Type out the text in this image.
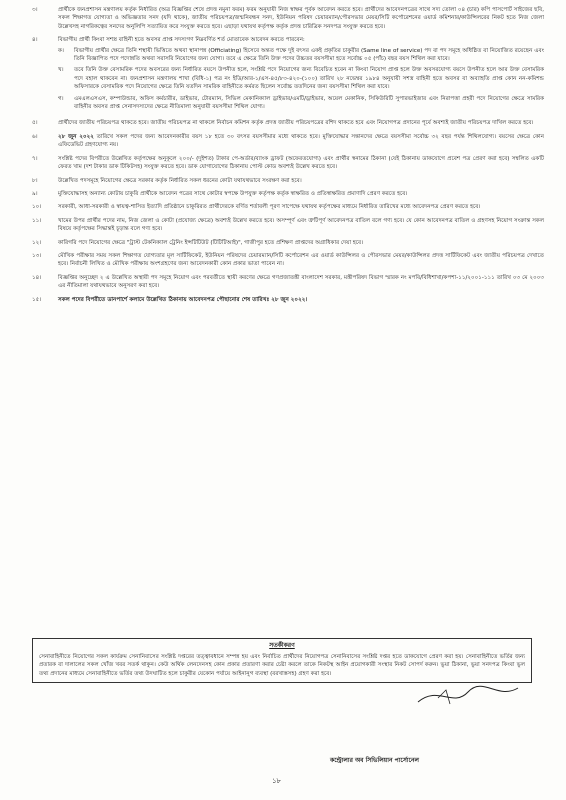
৩।	প্রার্থীকে জনপ্রশাসন মন্ত্রণালয় কর্তৃক নির্ধারিত (অত্র বিজ্ঞপ্তির শেষে প্রদত্ত নমুনা ফরম) ফরম অনুযায়ী নিজ স্বাক্ষর পূর্বক আবেদন করতে হবে। প্রার্থীদের আবেদনপত্রের সাথে সদ্য তোলা ০৪ (চার) কপি পাসপোর্ট সাইজের ছবি, সকল শিক্ষাগত যোগ্যতা ও অভিজ্ঞতার সনদ (যদি থাকে), জাতীয় পরিচয়পত্র/জন্মনিবন্ধন সনদ, ইউনিয়ন পরিষদ চেয়ারম্যান/পৌরসভার মেয়র/সিটি কর্পোরেশনের ওয়ার্ড কমিশনার/কাউন্সিলরের নিকট হতে নিজ জেলা উল্লেখসহ নাগরিকত্বের সনদের অনুলিপি সত্যায়িত করে সংযুক্ত করতে হবে। এছাড়া যথাযথ কর্তৃপক্ষ কর্তৃক প্রদত্ত চারিত্রিক সনদপত্র সংযুক্ত করতে হবে।
৪।	বিভাগীয় প্রার্থী কিংবা সশস্ত্র বাহিনী হতে অবসর প্রাপ্ত সদস্যগণ নিম্নবর্ণিত শর্ত মোতাবেক আবেদন করতে পারবেন:
ক।	বিভাগীয় প্রার্থীর ক্ষেত্রে তিনি শস্থায়ী ভিত্তিতে অথবা স্থানাপন্ন (Officiating) হিসেবে অন্তত পক্ষে দুই বৎসর একই প্রকৃতির চাকুরীর (Same line of service) পদ বা পদ সমূহে অধিষ্ঠিত বা নিয়োজিত রয়েছেন এবং তিনি বিজ্ঞাপিত পদে পদোন্নতি অথবা সরাসরি নিয়োগের জন্য যোগ্য। তবে এ ক্ষেত্রে তিনি উক্ত পদের উচ্চতর বয়সসীমা হতে সর্বোচ্চ ০৫ (পাঁচ) বছর বয়স শিথিল করা যাবে।
খ।	তবে তিনি উক্ত বেসামরিক পদের অবসরের জন্য নির্ধারিত বয়সে উপনীত হলে, সংশ্লিষ্ট পদে নিয়োগের জন্য বিবেচিত হবেন না কিংবা নিয়োগ প্রাপ্ত হলে উক্ত অবসরযোগ্য বয়সে উপনীত হলে আর উক্ত বেসামরিক পদে বহাল থাকবেন না। জনপ্রশাসন মন্ত্রণালয় শাখা (বিধি-১) পত্র নং ইডি/আর-১/এস-৪৫/৮৩-৪২০-(১০০) তারিখ ২৮ নভেম্বর ১৯৮৪ অনুযায়ী সশস্ত্র বাহিনী হতে অবসর বা অব্যাহতি প্রাপ্ত কোন নন-কমিশন্ড অফিসারকে বেসামরিক পদে নিয়োগের ক্ষেত্রে তিনি যতদিন সামরিক বাহিনীতে কর্মরত ছিলেন সর্বোচ্চ ততদিনের জন্য বয়সসীমা শিথিল করা যাবে।
গ।	এমএলএসএস, কম্পাউন্ডার, অফিস কর্মচারীর, ডাইভার, টোরম্যান, সিভিল মেকানিক্যাল ড্রাইভার/এমটি/ড্রাইভার, অয়েল মেকানিক, সিকিউরিটি সুপারভাইজার এবং নিরাপত্তা প্রহরী পদে নিয়োগের ক্ষেত্রে সামরিক বাহিনীর অবসর প্রাপ্ত সেনাসদস্যদের ক্ষেত্রে নীতিমালা অনুযায়ী বয়সসীমা শিথিল যোগ্য।
৫।	প্রার্থীদের জাতীয় পরিচয়পত্র থাকতে হবে। জাতীয় পরিচয়পত্র না থাকলে নির্বাচন কমিশন কর্তৃক প্রদত্ত জাতীয় পরিচয়পত্রের রশিদ থাকতে হবে এবং নিয়োগপত্র প্রদানের পূর্বে অবশ্যই জাতীয় পরিচয়পত্র দাখিল করতে হবে।
৬।	২৮ জুন ২০২২ তারিখে সকল পদের জন্য আবেদনকারীর বয়স ১৮ হতে ৩০ বৎসর বয়সসীমার মধ্যে থাকতে হবে। মুক্তিযোদ্ধার সন্তানদের ক্ষেত্রে বয়সসীমা সর্বোচ্চ ৩২ বছর পর্যন্ত শিথিলযোগ্য। বয়সের ক্ষেত্রে কোন এফিডেভিট গ্রহণযোগ্য নয়।
৭।	সংশ্লিষ্ট পদের বিপরীতে উল্লেখিত কর্তৃপক্ষের অনুকূলে ২০০/- (দুইশত) টাকার পে-অর্ডার/ব্যাংক ড্রাফট (অফেরতযোগ্য) এবং প্রার্থীর স্বনামের ঠিকানা (যেই ঠিকানায় ডাকযোগে প্রবেশ পত্র প্রেরণ করা হবে) সম্বলিত একটি ফেরত খাম (দশ টাকার ডাক টিকিটসহ) সংযুক্ত করতে হবে। ডাক যোগাযোগের ঠিকানায় পোস্ট কোড অবশ্যই উল্লেখ করতে হবে।
৮।	উল্লেখিত পদসমূহে নিয়োগের ক্ষেত্রে সরকার কর্তৃক নির্ধারিত সকল ধরনের কোটা যথাযথভাবে সংরক্ষণ করা হবে।
৯।	মুক্তিযোদ্ধাসহ অন্যান্য কোটায় চাকুরি প্রার্থীকে আবেদন পত্রের সাথে কোটার স্বপক্ষে উপযুক্ত কর্তৃপক্ষ কর্তৃক স্বাক্ষরিত ও প্রতিস্বাক্ষরিত প্রমাণাদি প্রেরণ করতে হবে।
১০।	সরকারী, আধা-সরকারী ও স্বায়ত্ব-শাসিত ইত্যাদি প্রতিষ্ঠানে চাকুরিরত প্রার্থীদেরকে বর্ণিত শর্তাবলী পূরণ সাপেক্ষে যথাযথ কর্তৃপক্ষের মাধ্যমে নির্ধারিত তারিখের মধ্যে আবেদনপত্র প্রেরণ করতে হবে।
১১।	খামের উপর প্রার্থীর পদের নাম, নিজ জেলা ও কোটা (প্রযোজ্য ক্ষেত্রে) অবশ্যই উল্লেখ করতে হবে। অসম্পূর্ণ এবং ত্রুটিপূর্ণ আবেদনপত্র বাতিল বলে গণ্য হবে। যে কোন আবেদনপত্র বাতিল ও গ্রহণসহ নিয়োগ সংক্রান্ত সকল বিষয়ে কর্তৃপক্ষের সিদ্ধান্তই চূড়ান্ত বলে গণ্য হবে।
১২।	কারিগরি পদে নিয়োগের ক্ষেত্রে "ট্রাস্ট টেকনিক্যাল ট্রেনিং ইন্সটিটিউট (টিটিটিআই)", গাজীপুর হতে প্রশিক্ষণ প্রাপ্তদের অগ্রাধিকার দেয়া হবে।
১৩।	মৌখিক পরীক্ষার সময় সকল শিক্ষাগত যোগ্যতার মূল সার্টিফিকেট, ইউনিয়ন পরিষদের চেয়ারম্যান/সিটি কর্পোরেশন এর ওয়ার্ড কাউন্সিলর ও পৌরসভার মেয়র/কাউন্সিলর প্রদত্ত সার্টিফিকেট এবং জাতীয় পরিচয়পত্র দেখাতে হবে। নির্বাচনী লিখিত ও মৌখিক পরীক্ষায় অংশগ্রহণের জন্য আবেদনকারী কোন প্রকার ভাতা পাবেন না।
১৪।	বিজ্ঞপ্তির অনুচ্ছেদ ২ এ উল্লেখিত অস্থায়ী পদ সমূহে নিয়োগ এবং পরবর্তীতে স্থায়ী করণের ক্ষেত্রে গণপ্রজাতন্ত্রী বাংলাদেশ সরকার, মন্ত্রীপরিষদ বিভাগ স্মারক নং মপবি/বিধিশাখা/কপশা-১১/২০০১-১১১ তারিখ ০৩ মে ২০০৩ এর নীতিমালা যথাযথভাবে অনুসরণ করা হবে।
১৫।	সকল পদের বিপরীতে ডানপার্শে কলামে উল্লেখিত ঠিকানায় আবেদনপত্র পৌছানোর শেষ তারিখঃ ২৮ জুন ২০২২।
সতর্কীকরণ
সেনাবাহিনীতে নিয়োগের সকল কার্যক্রম সেনানিবাসের সংশ্লিষ্ট দপ্তরের তত্ত্বাবধানে সম্পন্ন হয় এবং নির্বাচিত প্রার্থীদের নিয়োগপত্র সেনানিবাসের সংশ্লিষ্ট দপ্তর হতে ডাকযোগে প্রেরণ করা হয়। সেনাবাহিনীতে ভর্তির জন্য প্রতারক বা দালালের সকল খোঁজ খবর সতর্ক থাকুন। কেউ অর্থিক লেনদেনসহ কোন প্রকার প্রতারণা করার চেষ্টা করলে তাকে নিকটস্থ আইন প্রয়োগকারী সংস্থার নিকট সোপর্দ করুন। ভুয়া ঠিকানা, ভুয়া সনদপত্র কিংবা ভুল তথ্য প্রদানের মাধ্যমে সেনাবাহিনীতে ভর্তির তথ্য উদঘাটিত হলে চাকুরীর যেকোন পর্যায়ে আইনানুগ ব্যবস্থা (বরখাস্তসহ) গ্রহণ করা হবে।
কন্ট্রোলার অব সিভিলিয়ান পার্সোনেল
১৮
